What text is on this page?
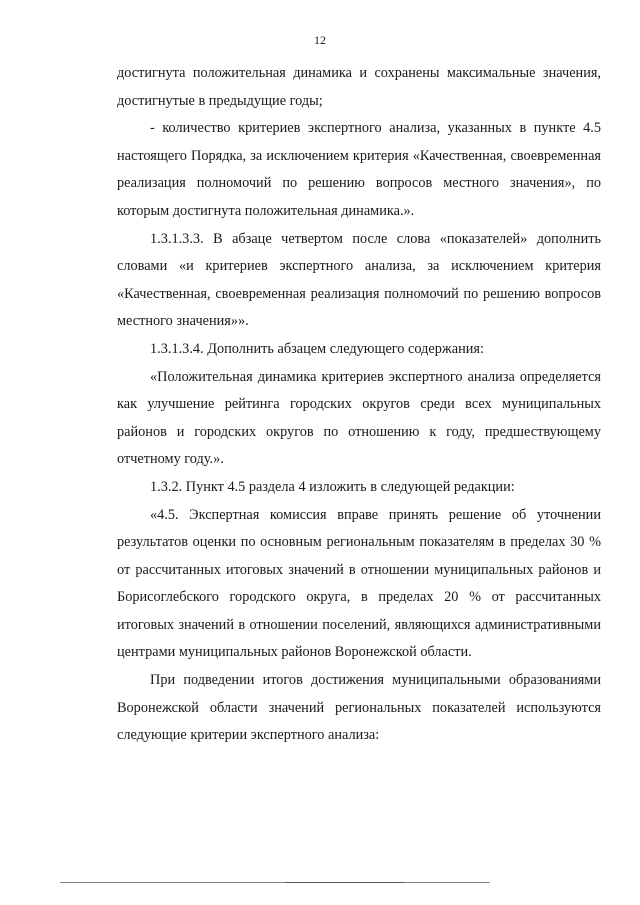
12

достигнута положительная динамика и сохранены максимальные значения, достигнутые в предыдущие годы;

- количество критериев экспертного анализа, указанных в пункте 4.5 настоящего Порядка, за исключением критерия «Качественная, своевременная реализация полномочий по решению вопросов местного значения», по которым достигнута положительная динамика.».

1.3.1.3.3. В абзаце четвертом после слова «показателей» дополнить словами «и критериев экспертного анализа, за исключением критерия «Качественная, своевременная реализация полномочий по решению вопросов местного значения»».

1.3.1.3.4. Дополнить абзацем следующего содержания:

«Положительная динамика критериев экспертного анализа определяется как улучшение рейтинга городских округов среди всех муниципальных районов и городских округов по отношению к году, предшествующему отчетному году.».

1.3.2. Пункт 4.5 раздела 4 изложить в следующей редакции:

«4.5. Экспертная комиссия вправе принять решение об уточнении результатов оценки по основным региональным показателям в пределах 30 % от рассчитанных итоговых значений в отношении муниципальных районов и Борисоглебского городского округа, в пределах 20 % от рассчитанных итоговых значений в отношении поселений, являющихся административными центрами муниципальных районов Воронежской области.

При подведении итогов достижения муниципальными образованиями Воронежской области значений региональных показателей используются следующие критерии экспертного анализа:
